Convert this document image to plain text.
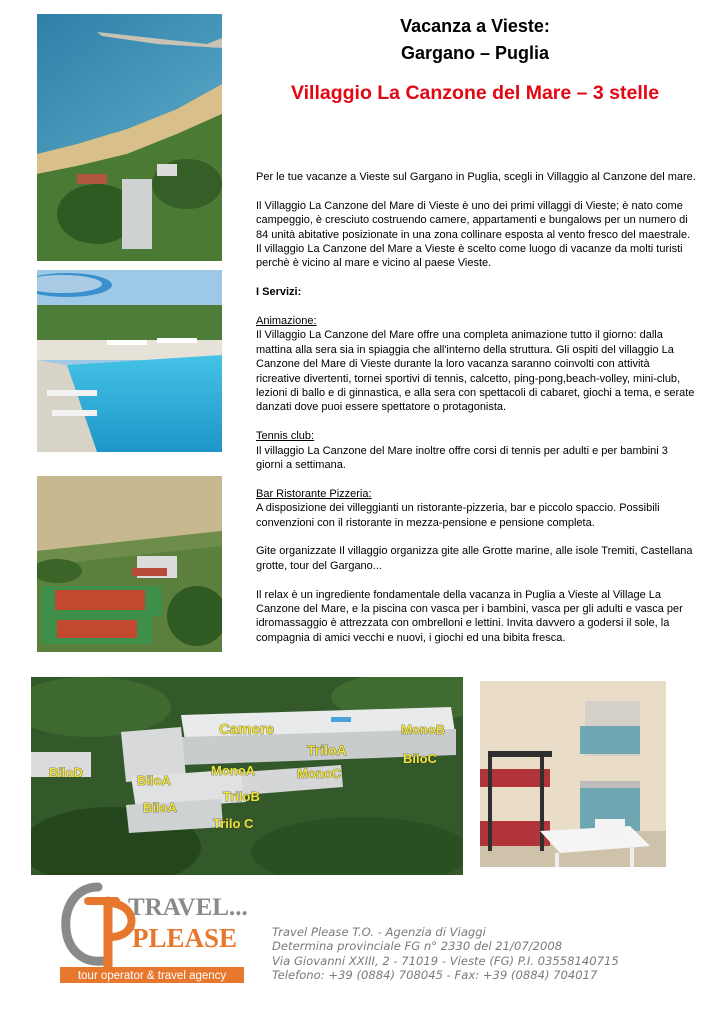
Camere
TriloA
MonoB
BiloC
BiloD
BiloA
MonoA	MonoC
TriloB
BiloA
Trilo C
Vacanza a Vieste:
Gargano – Puglia
Villaggio La Canzone del Mare – 3 stelle

Per le tue vacanze a Vieste sul Gargano in Puglia, scegli in Villaggio al Canzone del mare.

Il Villaggio La Canzone del Mare di Vieste è uno dei primi villaggi di Vieste; è nato come campeggio, è cresciuto costruendo camere, appartamenti e bungalows per un numero di 84 unità abitative posizionate in una zona collinare esposta al vento fresco del maestrale. Il villaggio La Canzone del Mare a Vieste è scelto come luogo di vacanze da molti turisti perchè è vicino al mare e vicino al paese Vieste.

I Servizi:

Animazione:
Il Villaggio La Canzone del Mare offre una completa animazione tutto il giorno: dalla mattina alla sera sia in spiaggia che all'interno della struttura. Gli ospiti del villaggio La Canzone del Mare di Vieste durante la loro vacanza saranno coinvolti con attività ricreative divertenti, tornei sportivi di tennis, calcetto, ping-pong,beach-volley, mini-club, lezioni di ballo e di ginnastica, e alla sera con spettacoli di cabaret, giochi a tema, e serate danzati dove puoi essere spettatore o protagonista.

Tennis club:
Il villaggio La Canzone del Mare inoltre offre corsi di tennis per adulti e per bambini 3 giorni a settimana.

Bar Ristorante Pizzeria:
A disposizione dei villeggianti un ristorante-pizzeria, bar e piccolo spaccio. Possibili convenzioni con il ristorante in mezza-pensione e pensione completa.

Gite organizzate Il villaggio organizza gite alle Grotte marine, alle isole Tremiti, Castellana grotte, tour del Gargano...

Il relax è un ingrediente fondamentale della vacanza in Puglia a Vieste al Village La Canzone del Mare, e la piscina con vasca per i bambini, vasca per gli adulti e vasca per idromassaggio è attrezzata con ombrelloni e lettini. Invita davvero a godersi il sole, la compagnia di amici vecchi e nuovi, i giochi ed una bibita fresca.

TRAVEL...
PLEASE
tour operator & travel agency
Travel Please T.O. - Agenzia di Viaggi
Determina provinciale FG n° 2330 del 21/07/2008
Via Giovanni XXIII, 2 - 71019 - Vieste (FG) P.I. 03558140715
Telefono: +39 (0884) 708045 - Fax: +39 (0884) 704017
